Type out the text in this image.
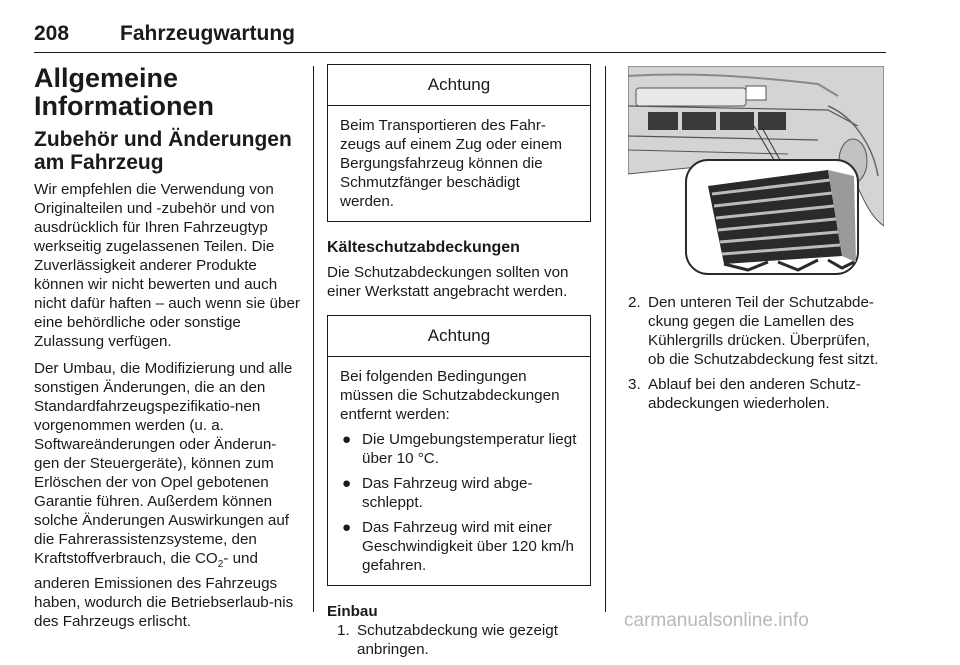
208 Fahrzeugwartung
Allgemeine Informationen
Zubehör und Änderungen am Fahrzeug

Wir empfehlen die Verwendung von Originalteilen und -zubehör und von ausdrücklich für Ihren Fahrzeugtyp werkseitig zugelassenen Teilen. Die Zuverlässigkeit anderer Produkte können wir nicht bewerten und auch nicht dafür haften – auch wenn sie über eine behördliche oder sonstige Zulassung verfügen.

Der Umbau, die Modifizierung und alle sonstigen Änderungen, die an den Standardfahrzeugspezifikatio-nen vorgenommen werden (u. a. Softwareänderungen oder Änderun-gen der Steuergeräte), können zum Erlöschen der von Opel gebotenen Garantie führen. Außerdem können solche Änderungen Auswirkungen auf die Fahrerassistenzsysteme, den Kraftstoffverbrauch, die $CO_2-$ und anderen Emissionen des Fahrzeugs haben, wodurch die Betriebserlaub-nis des Fahrzeugs erlischt.

Achtung

Beim Transportieren des Fahr-zeugs auf einem Zug oder einem Bergungsfahrzeug können die Schmutzfänger beschädigt werden.

Kälteschutzabdeckungen

Die Schutzabdeckungen sollten von einer Werkstatt angebracht werden.

Achtung

Bei folgenden Bedingungen müssen die Schutzabdeckungen entfernt werden:

● Die Umgebungstemperatur liegt über 10 °C.
● Das Fahrzeug wird abge-schleppt.
● Das Fahrzeug wird mit einer Geschwindigkeit über 120 km/h gefahren.
Einbau
1. Schutzabdeckung wie gezeigt anbringen.
2. Den unteren Teil der Schutzabde-ckung gegen die Lamellen des Kühlergrills drücken. Überprüfen, ob die Schutzabdeckung fest sitzt.
3. Ablauf bei den anderen Schutz-abdeckungen wiederholen.
carmanualsonline.info
